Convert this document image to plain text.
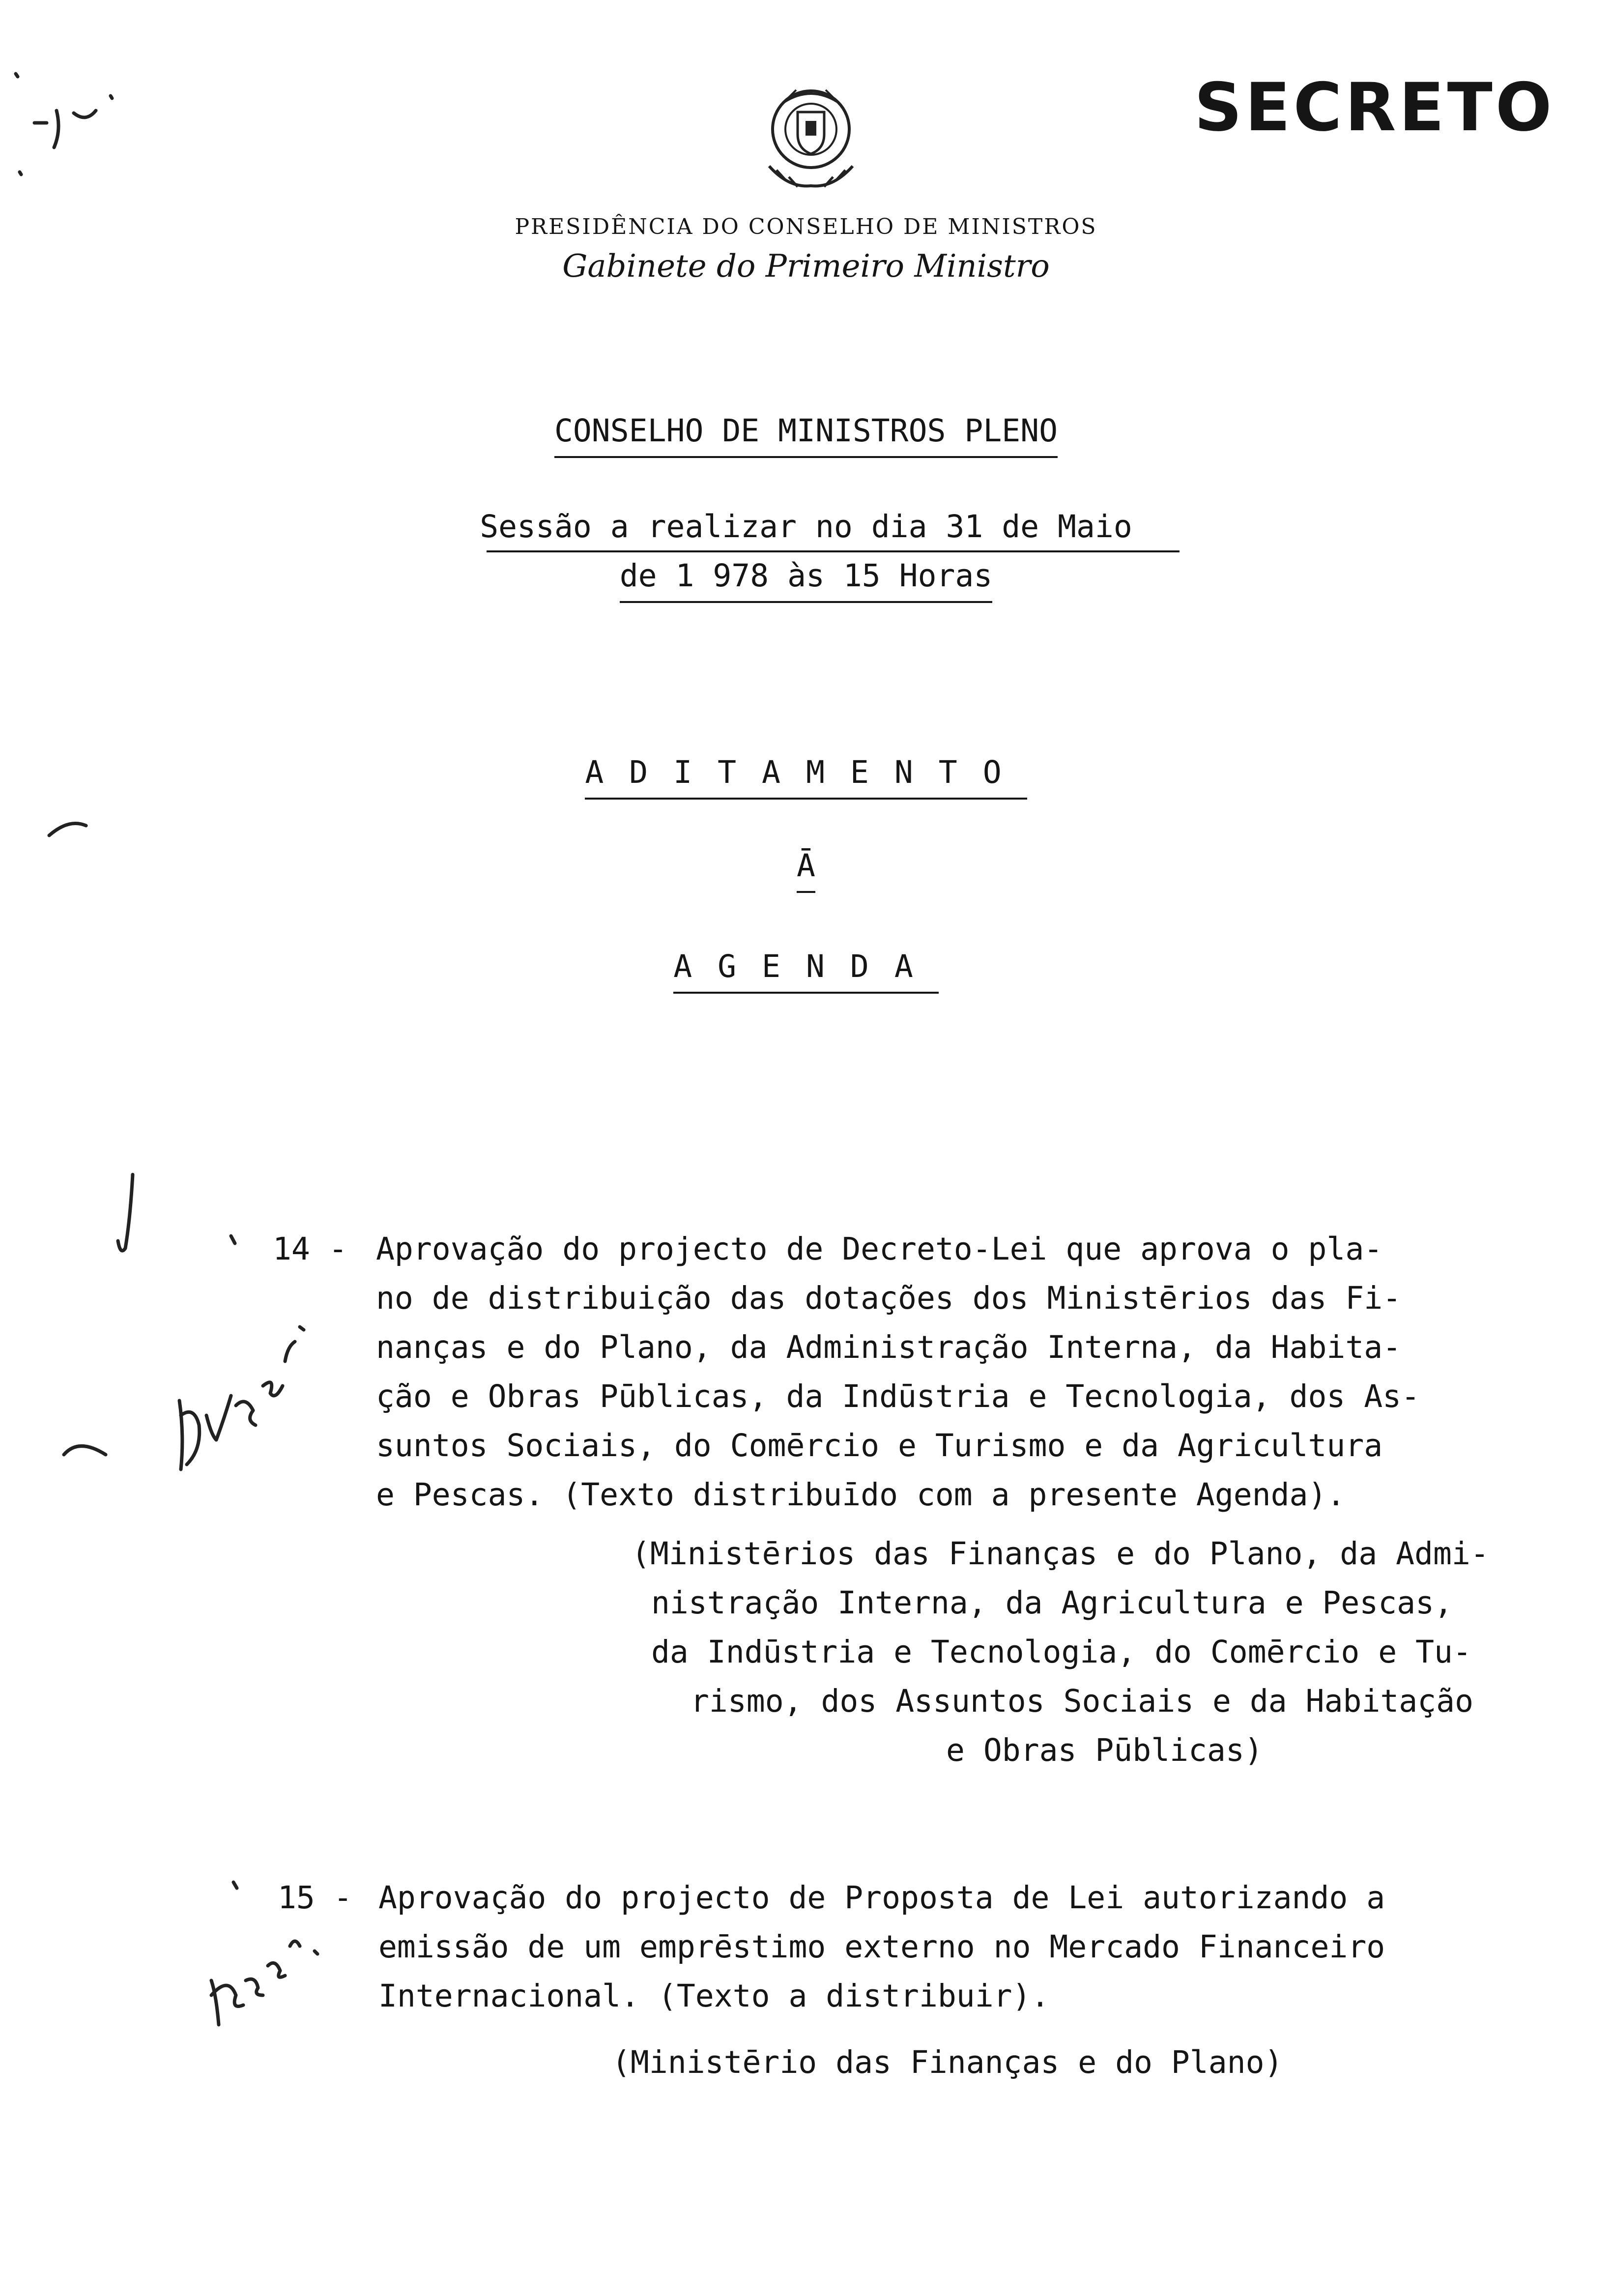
SECRETO
PRESIDÊNCIA DO CONSELHO DE MINISTROS
Gabinete do Primeiro Ministro
CONSELHO DE MINISTROS PLENO
Sessão a realizar no dia 31 de Maio
de 1 978 às 15 Horas
ADITAMENTO
Ā
AGENDA
14 - Aprovação do projecto de Decreto-Lei que aprova o pla-
no de distribuição das dotações dos Ministērios das Fi-
nanças e do Plano, da Administração Interna, da Habita-
ção e Obras Pūblicas, da Indūstria e Tecnologia, dos As-
suntos Sociais, do Comērcio e Turismo e da Agricultura
e Pescas. (Texto distribuīdo com a presente Agenda).
(Ministērios das Finanças e do Plano, da Admi-
nistração Interna, da Agricultura e Pescas,
da Indūstria e Tecnologia, do Comērcio e Tu-
rismo, dos Assuntos Sociais e da Habitação
e Obras Pūblicas)
15 - Aprovação do projecto de Proposta de Lei autorizando a
emissão de um emprēstimo externo no Mercado Financeiro
Internacional. (Texto a distribuir).
(Ministērio das Finanças e do Plano)
